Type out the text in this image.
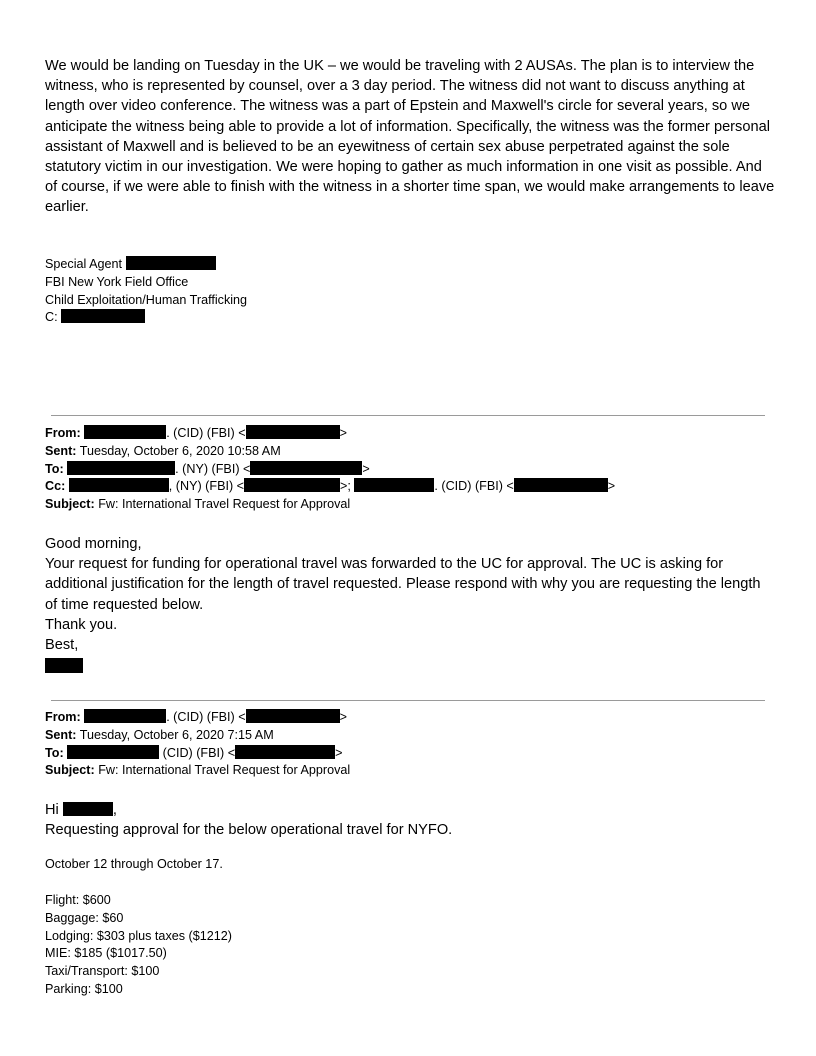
We would be landing on Tuesday in the UK – we would be traveling with 2 AUSAs. The plan is to interview the witness, who is represented by counsel, over a 3 day period. The witness did not want to discuss anything at length over video conference. The witness was a part of Epstein and Maxwell's circle for several years, so we anticipate the witness being able to provide a lot of information. Specifically, the witness was the former personal assistant of Maxwell and is believed to be an eyewitness of certain sex abuse perpetrated against the sole statutory victim in our investigation. We were hoping to gather as much information in one visit as possible. And of course, if we were able to finish with the witness in a shorter time span, we would make arrangements to leave earlier.

Special Agent
FBI New York Field Office
Child Exploitation/Human Trafficking
C:
From:	. (CID) (FBI) <	>
Sent: Tuesday, October 6, 2020 10:58 AM
To:	. (NY) (FBI) <	>
Cc:	, (NY) (FBI) <	>;	. (CID) (FBI) <	>
Subject: Fw: International Travel Request for Approval
Good morning,
Your request for funding for operational travel was forwarded to the UC for approval. The UC is asking for additional justification for the length of travel requested. Please respond with why you are requesting the length of time requested below.
Thank you.
Best,
From:	. (CID) (FBI) <	>
Sent: Tuesday, October 6, 2020 7:15 AM
To:	(CID) (FBI) <	>
Subject: Fw: International Travel Request for Approval
Hi	,
Requesting approval for the below operational travel for NYFO.
October 12 through October 17.
Flight: $600
Baggage: $60
Lodging: $303 plus taxes ($1212)
MIE: $185 ($1017.50)
Taxi/Transport: $100
Parking: $100
